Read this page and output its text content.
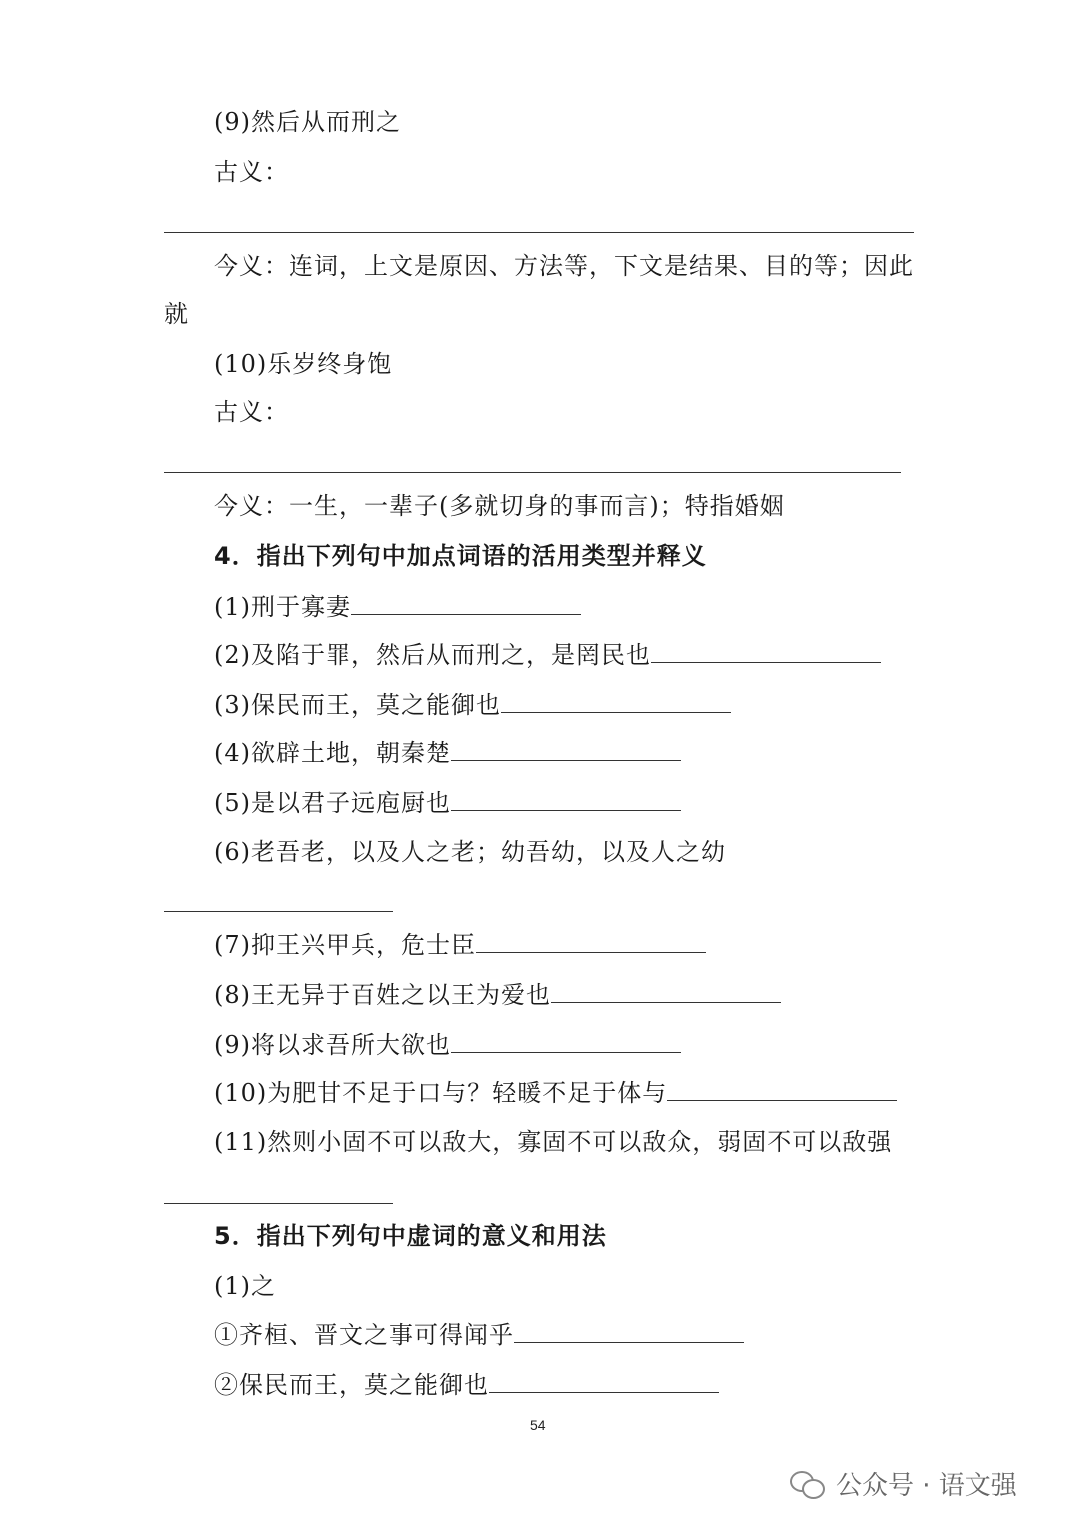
(9)然后从而刑之
古义：
今义：连词，上文是原因、方法等，下文是结果、目的等；因此
就
(10)乐岁终身饱
古义：
今义：一生，一辈子(多就切身的事而言)；特指婚姻
4．指出下列句中加点词语的活用类型并释义
(1)刑于寡妻
(2)及陷于罪，然后从而刑之，是罔民也
(3)保民而王，莫之能御也
(4)欲辟土地，朝秦楚
(5)是以君子远庖厨也
(6)老吾老，以及人之老；幼吾幼，以及人之幼
(7)抑王兴甲兵，危士臣
(8)王无异于百姓之以王为爱也
(9)将以求吾所大欲也
(10)为肥甘不足于口与？轻暖不足于体与
(11)然则小固不可以敌大，寡固不可以敌众，弱固不可以敌强
5．指出下列句中虚词的意义和用法
(1)之
①齐桓、晋文之事可得闻乎
②保民而王，莫之能御也
54
公众号 · 语文强
